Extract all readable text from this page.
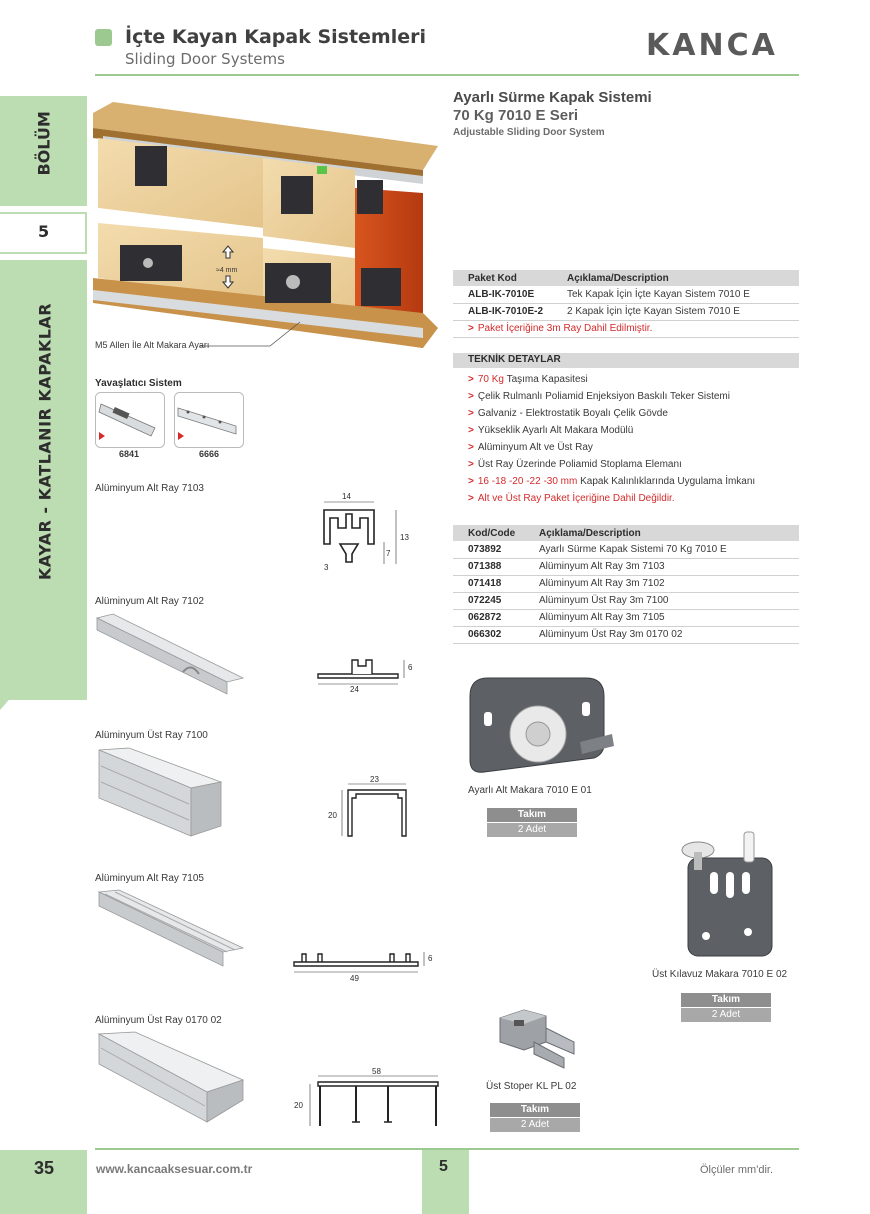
BÖLÜM
5
KAYAR - KATLANIR KAPAKLAR
İçte Kayan Kapak Sistemleri
Sliding Door Systems	KANCA
≈4 mm
M5 Allen İle Alt Makara Ayarı
Ayarlı Sürme Kapak Sistemi
70 Kg 7010 E Seri
Adjustable Sliding Door System
Paket Kod	Açıklama/Description
ALB-IK-7010E	Tek Kapak İçin İçte Kayan Sistem 7010 E
ALB-IK-7010E-2	2 Kapak İçin İçte Kayan Sistem 7010 E
> Paket İçeriğine 3m Ray Dahil Edilmiştir.	
TEKNİK DETAYLAR
> 70 Kg Taşıma Kapasitesi
> Çelik Rulmanlı Poliamid Enjeksiyon Baskılı Teker Sistemi
> Galvaniz - Elektrostatik Boyalı Çelik Gövde
> Yükseklik Ayarlı Alt Makara Modülü
> Alüminyum Alt ve Üst Ray
> Üst Ray Üzerinde Poliamid Stoplama Elemanı
> 16 -18 -20 -22 -30 mm Kapak Kalınlıklarında Uygulama İmkanı
> Alt ve Üst Ray Paket İçeriğine Dahil Değildir.
Kod/Code	Açıklama/Description
073892	Ayarlı Sürme Kapak Sistemi 70 Kg 7010 E
071388	Alüminyum Alt Ray 3m 7103
071418	Alüminyum Alt Ray 3m 7102
072245	Alüminyum Üst Ray 3m 7100
062872	Alüminyum Alt Ray 3m 7105
066302	Alüminyum Üst Ray 3m 0170 02
Yavaşlatıcı Sistem
6841	6666
Alüminyum Alt Ray 7103
14
13
7
3
Alüminyum Alt Ray 7102
6
24
Alüminyum Üst Ray 7100
23
20
Alüminyum Alt Ray 7105
6
49
Alüminyum Üst Ray 0170 02
58
20
Ayarlı Alt Makara 7010 E 01
Takım
2 Adet
Üst Kılavuz Makara 7010 E 02
Takım
2 Adet
Üst Stoper KL PL 02
Takım
2 Adet
35	www.kancaaksesuar.com.tr	5	Ölçüler mm'dir.
